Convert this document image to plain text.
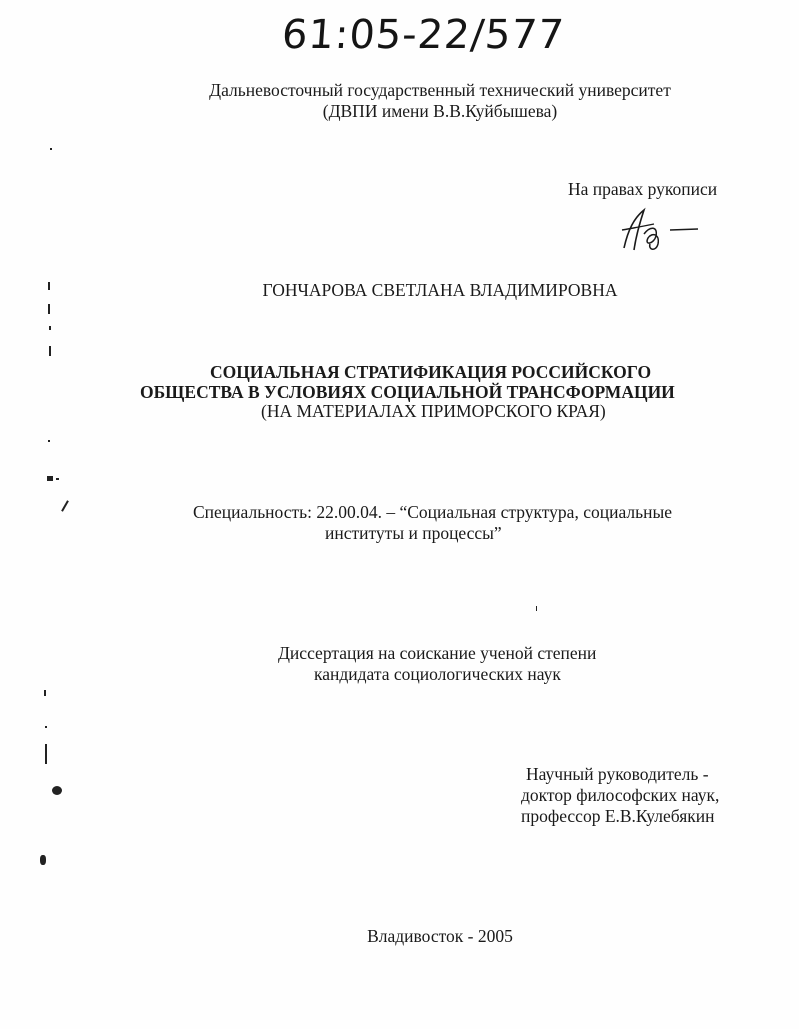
61:05-22/577
Дальневосточный государственный технический университет
(ДВПИ имени В.В.Куйбышева)
На правах рукописи
ГОНЧАРОВА СВЕТЛАНА ВЛАДИМИРОВНА
СОЦИАЛЬНАЯ СТРАТИФИКАЦИЯ РОССИЙСКОГО
ОБЩЕСТВА В УСЛОВИЯХ СОЦИАЛЬНОЙ ТРАНСФОРМАЦИИ
(НА МАТЕРИАЛАХ ПРИМОРСКОГО КРАЯ)
Специальность: 22.00.04. – “Социальная структура, социальные
институты и процессы”
Диссертация на соискание ученой степени
кандидата социологических наук
Научный руководитель -
доктор философских наук,
профессор Е.В.Кулебякин
Владивосток - 2005
